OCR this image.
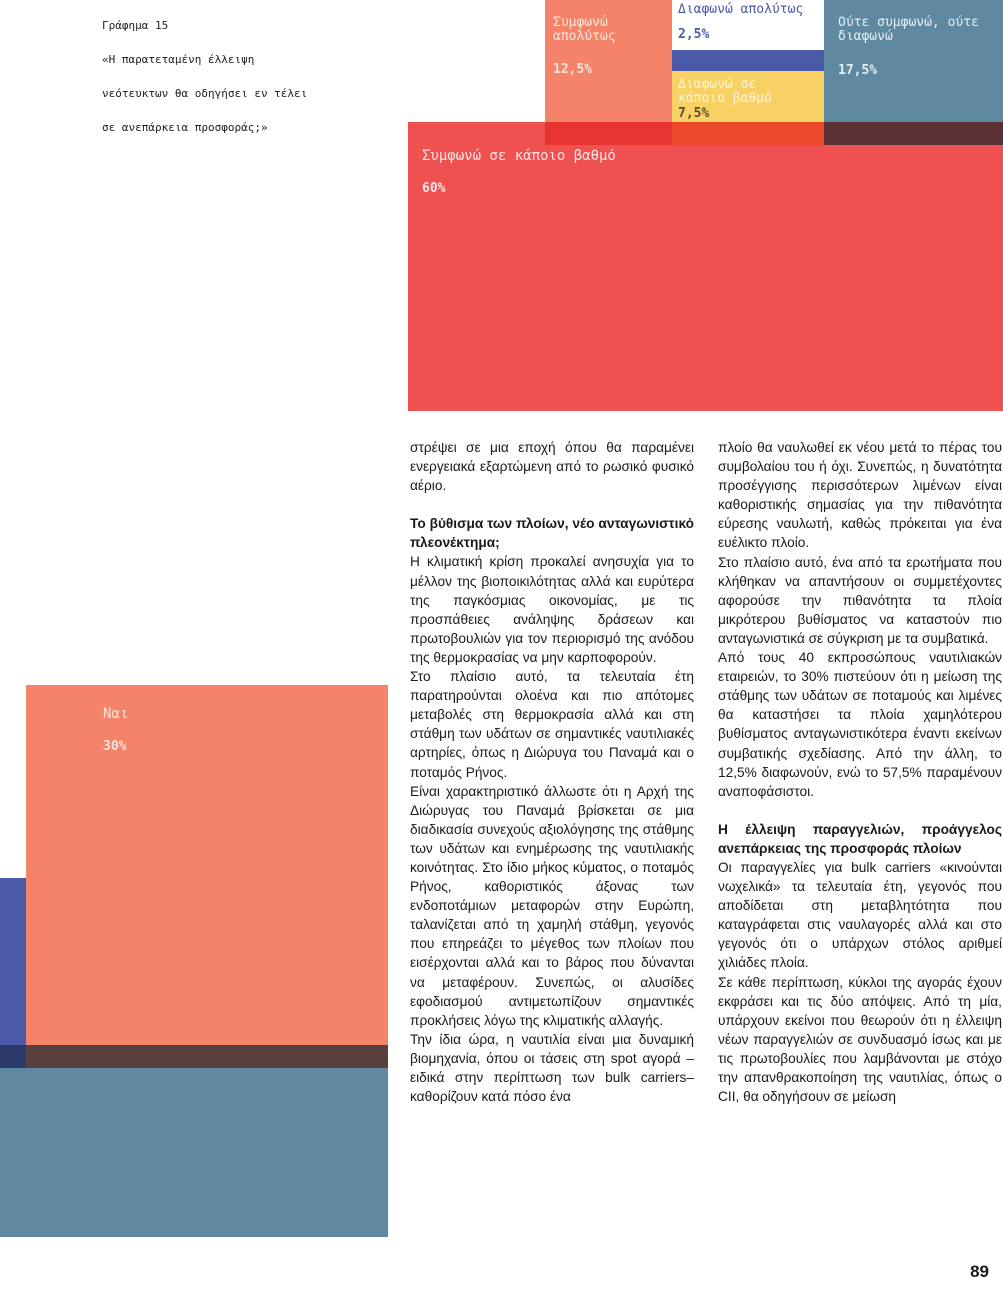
Γράφημα 15

«Η παρατεταμένη έλλειψη

νεότευκτων θα οδηγήσει εν τέλει

σε ανεπάρκεια προσφοράς;»

Συμφωνώ απολύτως
12,5%
Διαφωνώ απολύτως
2,5%
Διαφωνώ σε κάποιο βαθμό
7,5%
Ούτε συμφωνώ, ούτε διαφωνώ
17,5%
Συμφωνώ σε κάποιο βαθμό
60%
Ναι
30%

στρέψει σε μια εποχή όπου θα παραμένει ενεργειακά εξαρτώμενη από το ρωσικό φυσικό αέριο.

Το βύθισμα των πλοίων, νέο ανταγωνιστικό πλεονέκτημα;

Η κλιματική κρίση προκαλεί ανησυχία για το μέλλον της βιοποικιλότητας αλλά και ευρύτερα της παγκόσμιας οικονομίας, με τις προσπάθειες ανάληψης δράσεων και πρωτοβουλιών για τον περιορισμό της ανόδου της θερμοκρασίας να μην καρποφορούν.

Στο πλαίσιο αυτό, τα τελευταία έτη παρατηρούνται ολοένα και πιο απότομες μεταβολές στη θερμοκρασία αλλά και στη στάθμη των υδάτων σε σημαντικές ναυτιλιακές αρτηρίες, όπως η Διώρυγα του Παναμά και ο ποταμός Ρήνος.

Είναι χαρακτηριστικό άλλωστε ότι η Αρχή της Διώρυγας του Παναμά βρίσκεται σε μια διαδικασία συνεχούς αξιολόγησης της στάθμης των υδάτων και ενημέρωσης της ναυτιλιακής κοινότητας. Στο ίδιο μήκος κύματος, ο ποταμός Ρήνος, καθοριστικός άξονας των ενδοποτάμιων μεταφορών στην Ευρώπη, ταλανίζεται από τη χαμηλή στάθμη, γεγονός που επηρεάζει το μέγεθος των πλοίων που εισέρχονται αλλά και το βάρος που δύνανται να μεταφέρουν. Συνεπώς, οι αλυσίδες εφοδιασμού αντιμετωπίζουν σημαντικές προκλήσεις λόγω της κλιματικής αλλαγής.

Την ίδια ώρα, η ναυτιλία είναι μια δυναμική βιομηχανία, όπου οι τάσεις στη spot αγορά –ειδικά στην περίπτωση των bulk carriers– καθορίζουν κατά πόσο ένα

πλοίο θα ναυλωθεί εκ νέου μετά το πέρας του συμβολαίου του ή όχι. Συνεπώς, η δυνατότητα προσέγγισης περισσότερων λιμένων είναι καθοριστικής σημασίας για την πιθανότητα εύρεσης ναυλωτή, καθώς πρόκειται για ένα ευέλικτο πλοίο.

Στο πλαίσιο αυτό, ένα από τα ερωτήματα που κλήθηκαν να απαντήσουν οι συμμετέχοντες αφορούσε την πιθανότητα τα πλοία μικρότερου βυθίσματος να καταστούν πιο ανταγωνιστικά σε σύγκριση με τα συμβατικά.

Από τους 40 εκπροσώπους ναυτιλιακών εταιρειών, το 30% πιστεύουν ότι η μείωση της στάθμης των υδάτων σε ποταμούς και λιμένες θα καταστήσει τα πλοία χαμηλότερου βυθίσματος ανταγωνιστικότερα έναντι εκείνων συμβατικής σχεδίασης. Από την άλλη, το 12,5% διαφωνούν, ενώ το 57,5% παραμένουν αναποφάσιστοι.

Η έλλειψη παραγγελιών, προάγγελος ανεπάρκειας της προσφοράς πλοίων

Οι παραγγελίες για bulk carriers «κινούνται νωχελικά» τα τελευταία έτη, γεγονός που αποδίδεται στη μεταβλητότητα που καταγράφεται στις ναυλαγορές αλλά και στο γεγονός ότι ο υπάρχων στόλος αριθμεί χιλιάδες πλοία.

Σε κάθε περίπτωση, κύκλοι της αγοράς έχουν εκφράσει και τις δύο απόψεις. Από τη μία, υπάρχουν εκείνοι που θεωρούν ότι η έλλειψη νέων παραγγελιών σε συνδυασμό ίσως και με τις πρωτοβουλίες που λαμβάνονται με στόχο την απανθρακοποίηση της ναυτιλίας, όπως ο CII, θα οδηγήσουν σε μείωση

89
